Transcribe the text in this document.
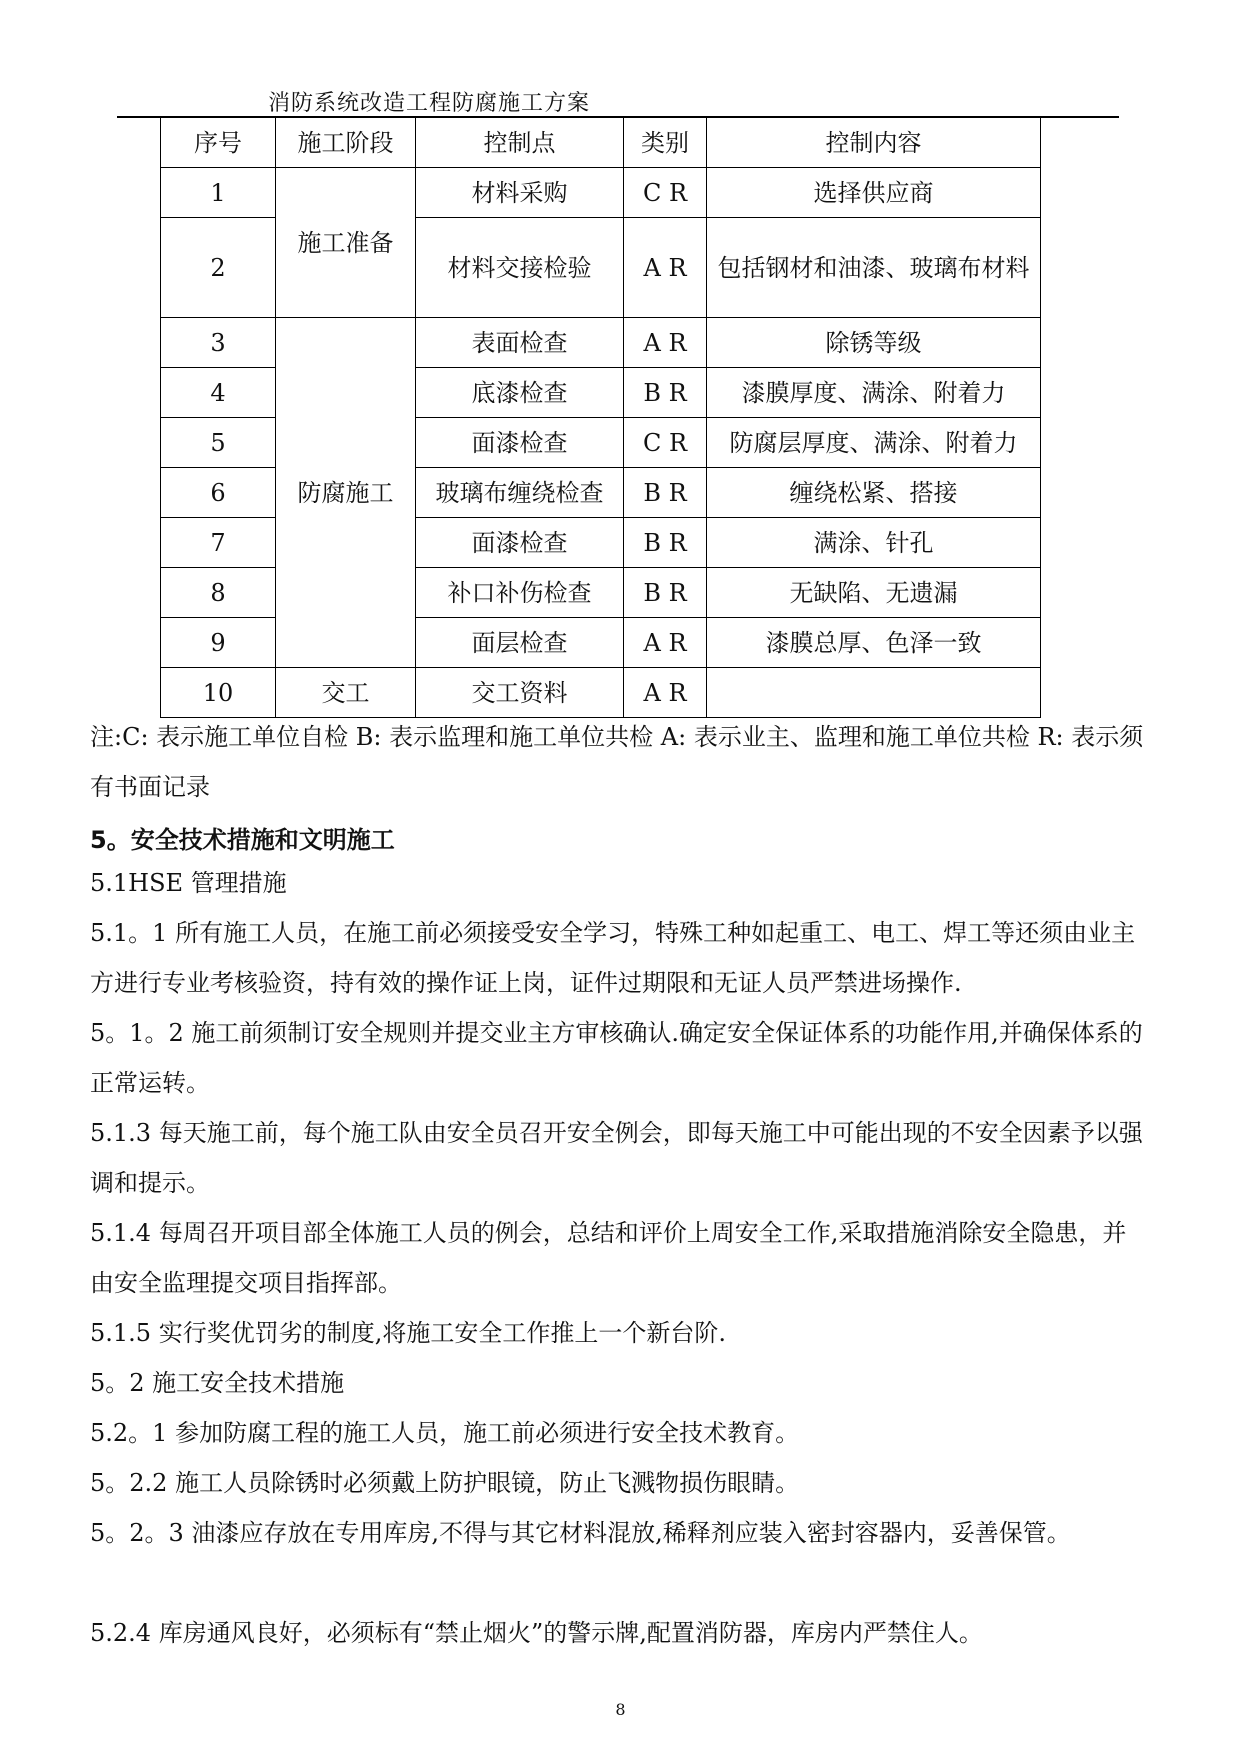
消防系统改造工程防腐施工方案
序号	施工阶段	控制点	类别	控制内容
1	施工准备	材料采购	C R	选择供应商
2		材料交接检验	A R	包括钢材和油漆、玻璃布材料
3	防腐施工	表面检查	A R	除锈等级
4		底漆检查	B R	漆膜厚度、满涂、附着力
5		面漆检查	C R	防腐层厚度、满涂、附着力
6		玻璃布缠绕检查	B R	缠绕松紧、搭接
7		面漆检查	B R	满涂、针孔
8		补口补伤检查	B R	无缺陷、无遗漏
9		面层检查	A R	漆膜总厚、色泽一致
10	交工	交工资料	A R	
注:C: 表示施工单位自检 B: 表示监理和施工单位共检 A: 表示业主、监理和施工单位共检 R: 表示须有书面记录
5。安全技术措施和文明施工
5.1HSE 管理措施
5.1。1 所有施工人员，在施工前必须接受安全学习，特殊工种如起重工、电工、焊工等还须由业主方进行专业考核验资，持有效的操作证上岗，证件过期限和无证人员严禁进场操作.
5。1。2 施工前须制订安全规则并提交业主方审核确认.确定安全保证体系的功能作用,并确保体系的正常运转。
5.1.3 每天施工前，每个施工队由安全员召开安全例会，即每天施工中可能出现的不安全因素予以强调和提示。
5.1.4 每周召开项目部全体施工人员的例会，总结和评价上周安全工作,采取措施消除安全隐患，并由安全监理提交项目指挥部。
5.1.5 实行奖优罚劣的制度,将施工安全工作推上一个新台阶.
5。2 施工安全技术措施
5.2。1 参加防腐工程的施工人员，施工前必须进行安全技术教育。
5。2.2 施工人员除锈时必须戴上防护眼镜，防止飞溅物损伤眼睛。
5。2。3 油漆应存放在专用库房,不得与其它材料混放,稀释剂应装入密封容器内，妥善保管。
5.2.4 库房通风良好，必须标有“禁止烟火”的警示牌,配置消防器，库房内严禁住人。
8
